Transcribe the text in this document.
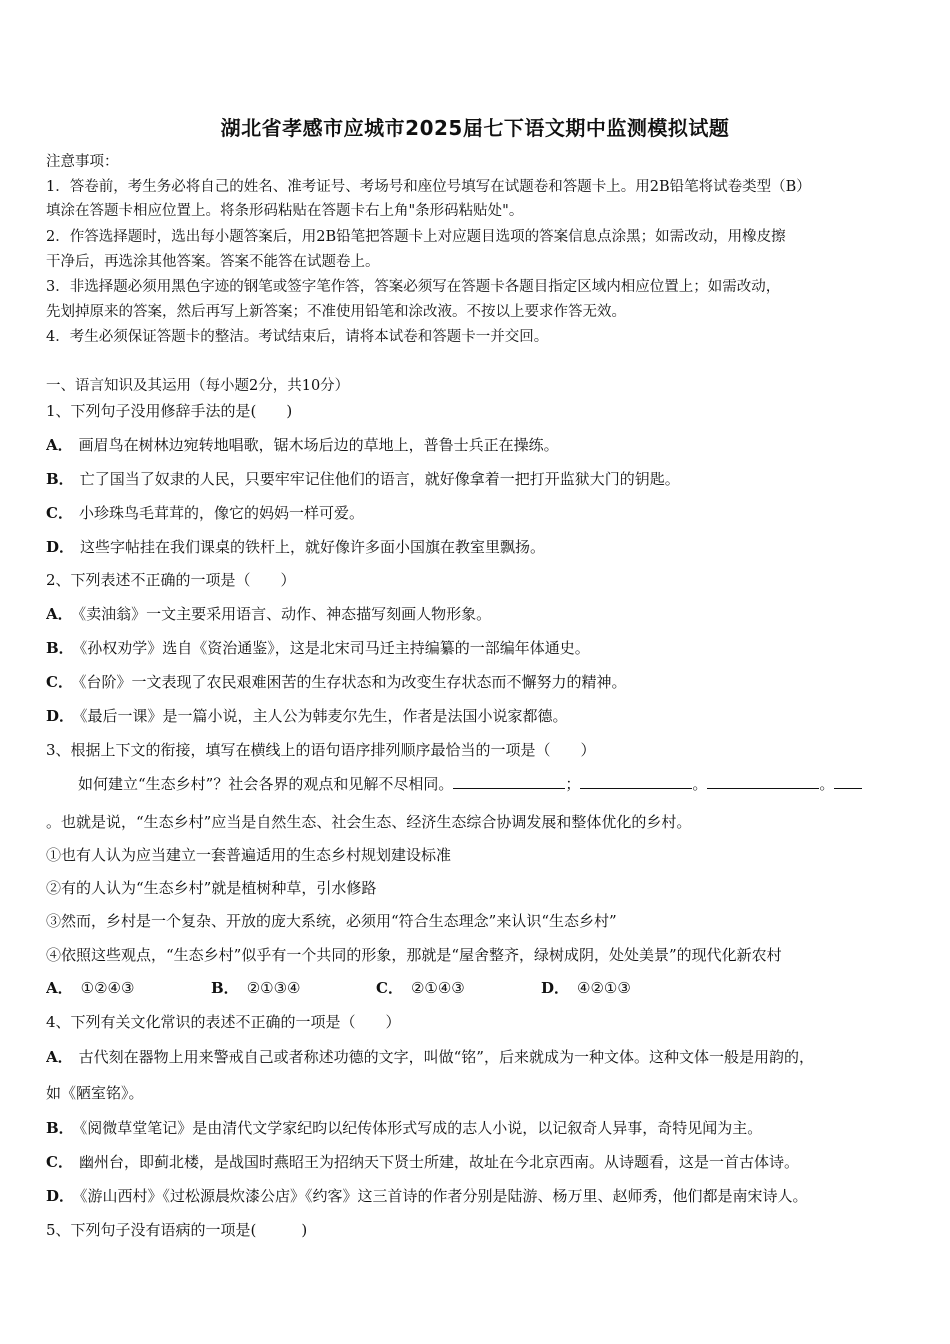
湖北省孝感市应城市2025届七下语文期中监测模拟试题
注意事项：
1．答卷前，考生务必将自己的姓名、准考证号、考场号和座位号填写在试题卷和答题卡上。用2B铅笔将试卷类型（B）
填涂在答题卡相应位置上。将条形码粘贴在答题卡右上角"条形码粘贴处"。
2．作答选择题时，选出每小题答案后，用2B铅笔把答题卡上对应题目选项的答案信息点涂黑；如需改动，用橡皮擦
干净后，再选涂其他答案。答案不能答在试题卷上。
3．非选择题必须用黑色字迹的钢笔或签字笔作答，答案必须写在答题卡各题目指定区域内相应位置上；如需改动，
先划掉原来的答案，然后再写上新答案；不准使用铅笔和涂改液。不按以上要求作答无效。
4．考生必须保证答题卡的整洁。考试结束后，请将本试卷和答题卡一并交回。
一、语言知识及其运用（每小题2分，共10分）
1、下列句子没用修辞手法的是(　　)
A． 画眉鸟在树林边宛转地唱歌，锯木场后边的草地上，普鲁士兵正在操练。
B． 亡了国当了奴隶的人民，只要牢牢记住他们的语言，就好像拿着一把打开监狱大门的钥匙。
C． 小珍珠鸟毛茸茸的，像它的妈妈一样可爱。
D． 这些字帖挂在我们课桌的铁杆上，就好像许多面小国旗在教室里飘扬。
2、下列表述不正确的一项是（　　）
A． 《卖油翁》一文主要采用语言、动作、神态描写刻画人物形象。
B． 《孙权劝学》选自《资治通鉴》，这是北宋司马迁主持编纂的一部编年体通史。
C． 《台阶》一文表现了农民艰难困苦的生存状态和为改变生存状态而不懈努力的精神。
D． 《最后一课》是一篇小说，主人公为韩麦尔先生，作者是法国小说家都德。
3、根据上下文的衔接，填写在横线上的语句语序排列顺序最恰当的一项是（　　）
如何建立“生态乡村”？社会各界的观点和见解不尽相同。	；	。	。
。也就是说，“生态乡村”应当是自然生态、社会生态、经济生态综合协调发展和整体优化的乡村。
①也有人认为应当建立一套普遍适用的生态乡村规划建设标准
②有的人认为“生态乡村”就是植树种草，引水修路
③然而，乡村是一个复杂、开放的庞大系统，必须用“符合生态理念”来认识“生态乡村”
④依照这些观点，“生态乡村”似乎有一个共同的形象，那就是“屋舍整齐，绿树成阴，处处美景”的现代化新农村
A． ①②④③	B． ②①③④	C． ②①④③	D． ④②①③
4、下列有关文化常识的表述不正确的一项是（　　）
A． 古代刻在器物上用来警戒自己或者称述功德的文字，叫做“铭”，后来就成为一种文体。这种文体一般是用韵的，
如《陋室铭》。
B． 《阅微草堂笔记》是由清代文学家纪昀以纪传体形式写成的志人小说，以记叙奇人异事，奇特见闻为主。
C． 幽州台，即蓟北楼，是战国时燕昭王为招纳天下贤士所建，故址在今北京西南。从诗题看，这是一首古体诗。
D． 《游山西村》《过松源晨炊漆公店》《约客》这三首诗的作者分别是陆游、杨万里、赵师秀，他们都是南宋诗人。
5、下列句子没有语病的一项是(　　　)
